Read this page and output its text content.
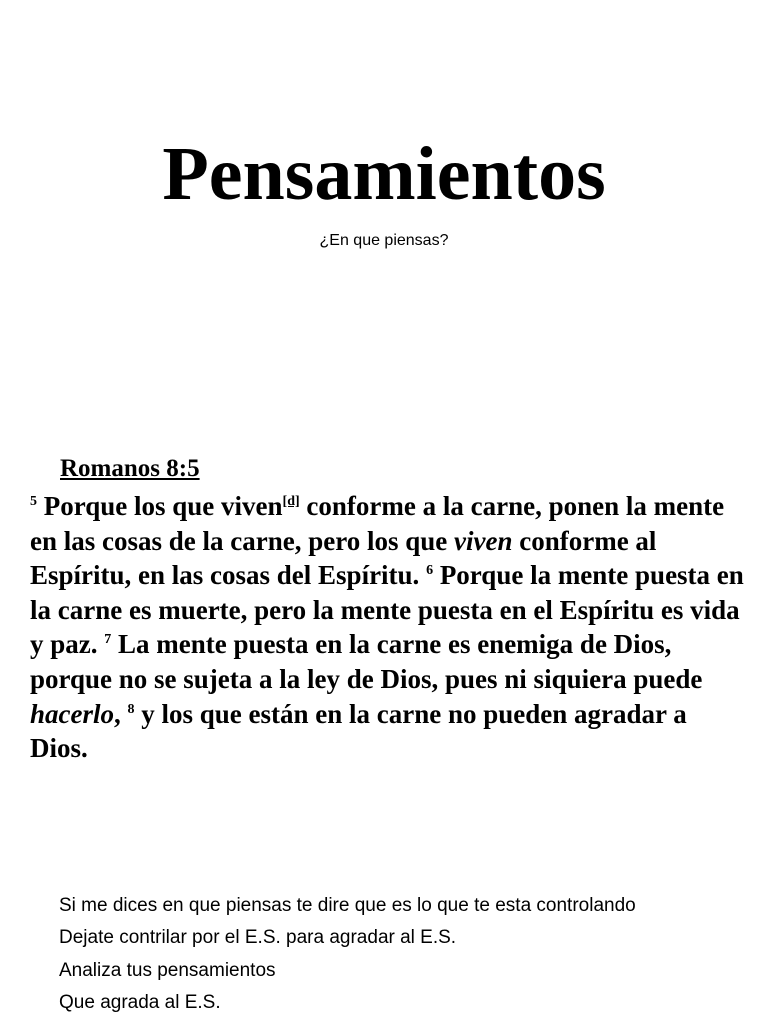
Pensamientos

¿En que piensas?

Romanos 8:5

$^5$ Porque los que viven[d] conforme a la carne, ponen la mente en las cosas de la carne, pero los que viven conforme al Espíritu, en las cosas del Espíritu. $^6$ Porque la mente puesta en la carne es muerte, pero la mente puesta en el Espíritu es vida y paz. $^7$ La mente puesta en la carne es enemiga de Dios, porque no se sujeta a la ley de Dios, pues ni siquiera puede hacerlo, $^8$ y los que están en la carne no pueden agradar a Dios.

Si me dices en que piensas te dire que es lo que te esta controlando
Dejate contrilar por el E.S. para agradar al E.S.
Analiza tus pensamientos
Que agrada al E.S.
